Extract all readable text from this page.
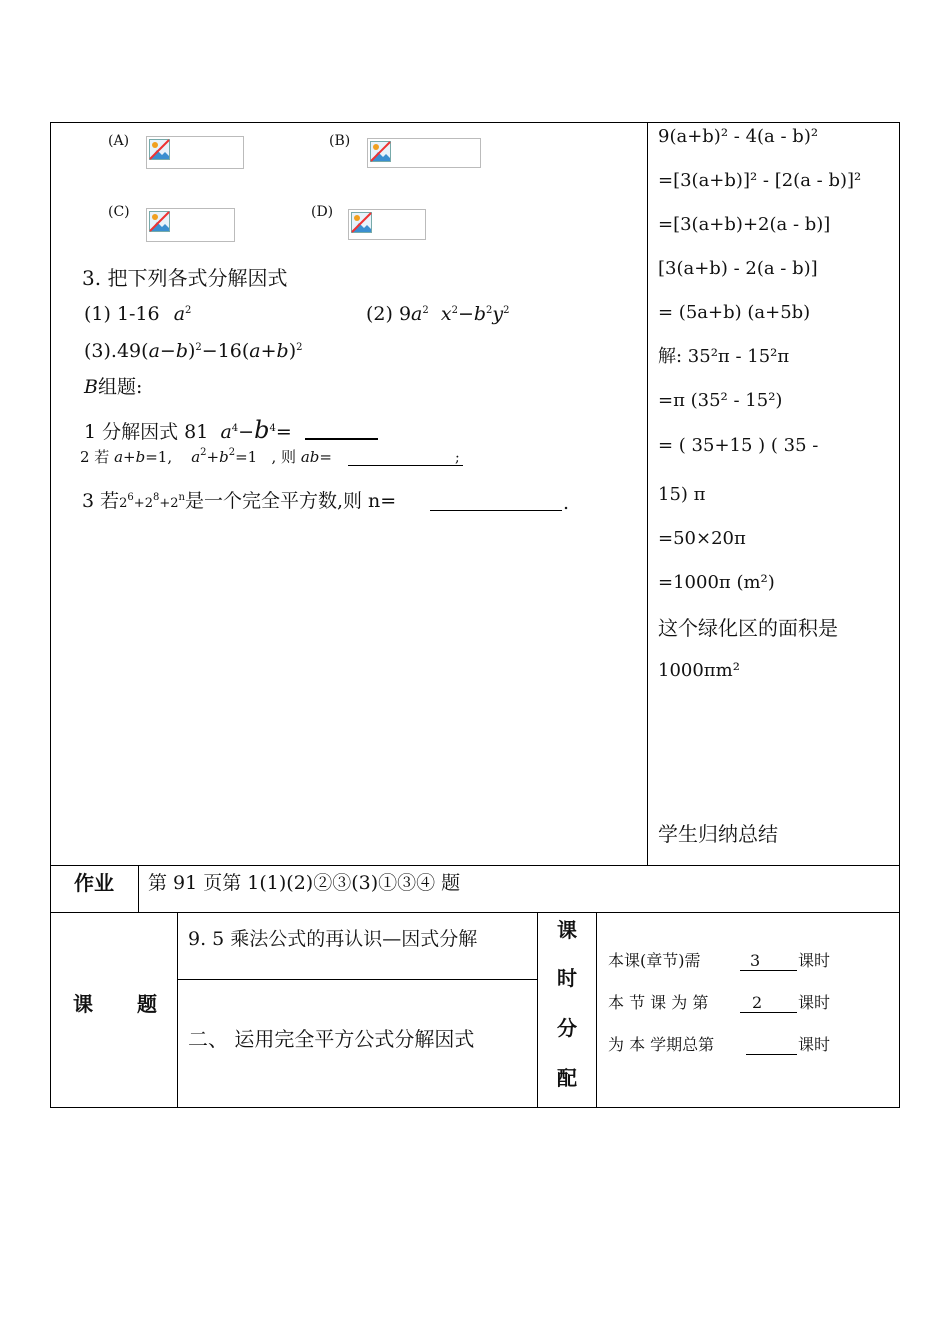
(A)	(B)
(C)	(D)
3. 把下列各式分解因式
(1) 1-16 $a^2$	(2) $9a^2$ $x^2-b^2y^2$
$(3).49(a-b)^2-16(a+b)^2$
B组题:
1 分解因式 81 $a^4-b^4=$
2 若 a+b=1,    $a^2+b^2=1$   , 则 ab=	;
3 若$2^6+2^8+2^n$是一个完全平方数,则 n=	.
9(a+b)² - 4(a - b)²
=[3(a+b)]² - [2(a - b)]²
=[3(a+b)+2(a - b)]
[3(a+b) - 2(a - b)]
= (5a+b) (a+5b)
解: 35²π - 15²π
=π (35² - 15²)
= ( 35+15 ) ( 35 -
15) π
=50×20π
=1000π (m²)
这个绿化区的面积是
1000πm²
学生归纳总结
作业 第 91 页第 1(1)(2)②③(3)①③④ 题
课 题
9. 5 乘法公式的再认识—因式分解
二、 运用完全平方公式分解因式
课
时
分
配
本课(章节)需	3 课时
本 节 课 为 第	2 课时
为 本 学期总第	课时
